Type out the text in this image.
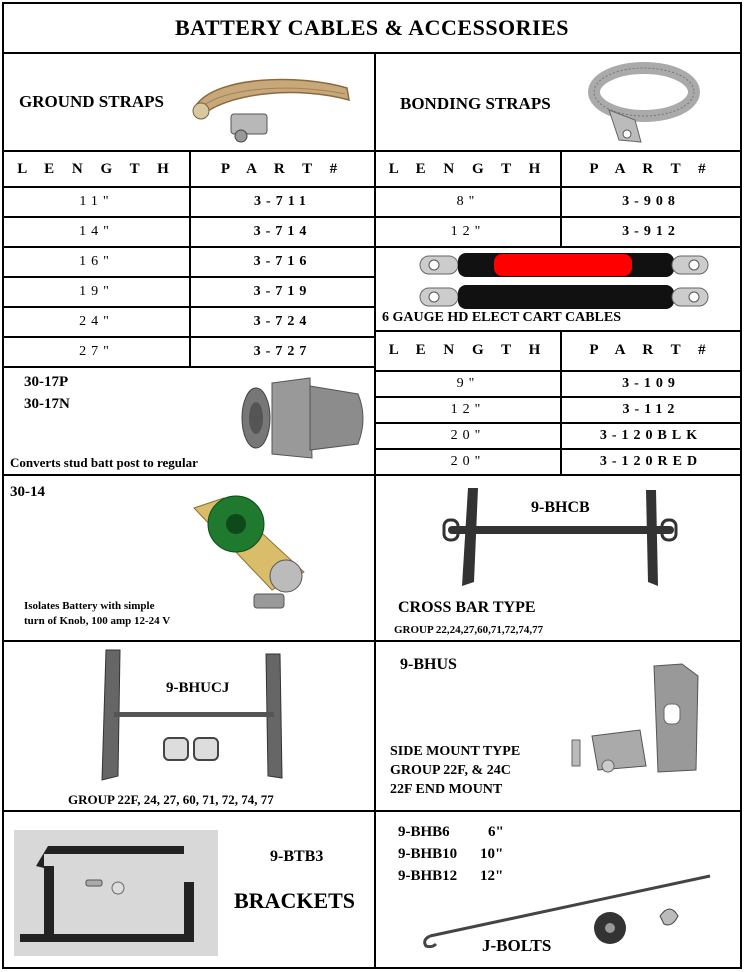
BATTERY CABLES & ACCESSORIES
GROUND STRAPS
L E N G T H	P A R T #
11"	3-711
14"	3-714
16"	3-716
19"	3-719
24"	3-724
27"	3-727
BONDING STRAPS
L E N G T H	P A R T #
8"	3-908
12"	3-912
6 GAUGE HD ELECT CART CABLES
L E N G T H	P A R T #
9"	3-109
12"	3-112
20"	3-120BLK
20"	3-120RED
30-17P
30-17N
Converts stud batt post to regular
30-14
Isolates Battery with simple
turn of Knob, 100 amp 12-24 V
9-BHCB
CROSS BAR TYPE
GROUP 22,24,27,60,71,72,74,77
9-BHUCJ
GROUP 22F, 24, 27, 60, 71, 72, 74, 77
9-BHUS
SIDE MOUNT TYPE
GROUP 22F, & 24C
22F END MOUNT
9-BTB3
BRACKETS
9-BHB6	6"
9-BHB10 10"
9-BHB12 12"
J-BOLTS
